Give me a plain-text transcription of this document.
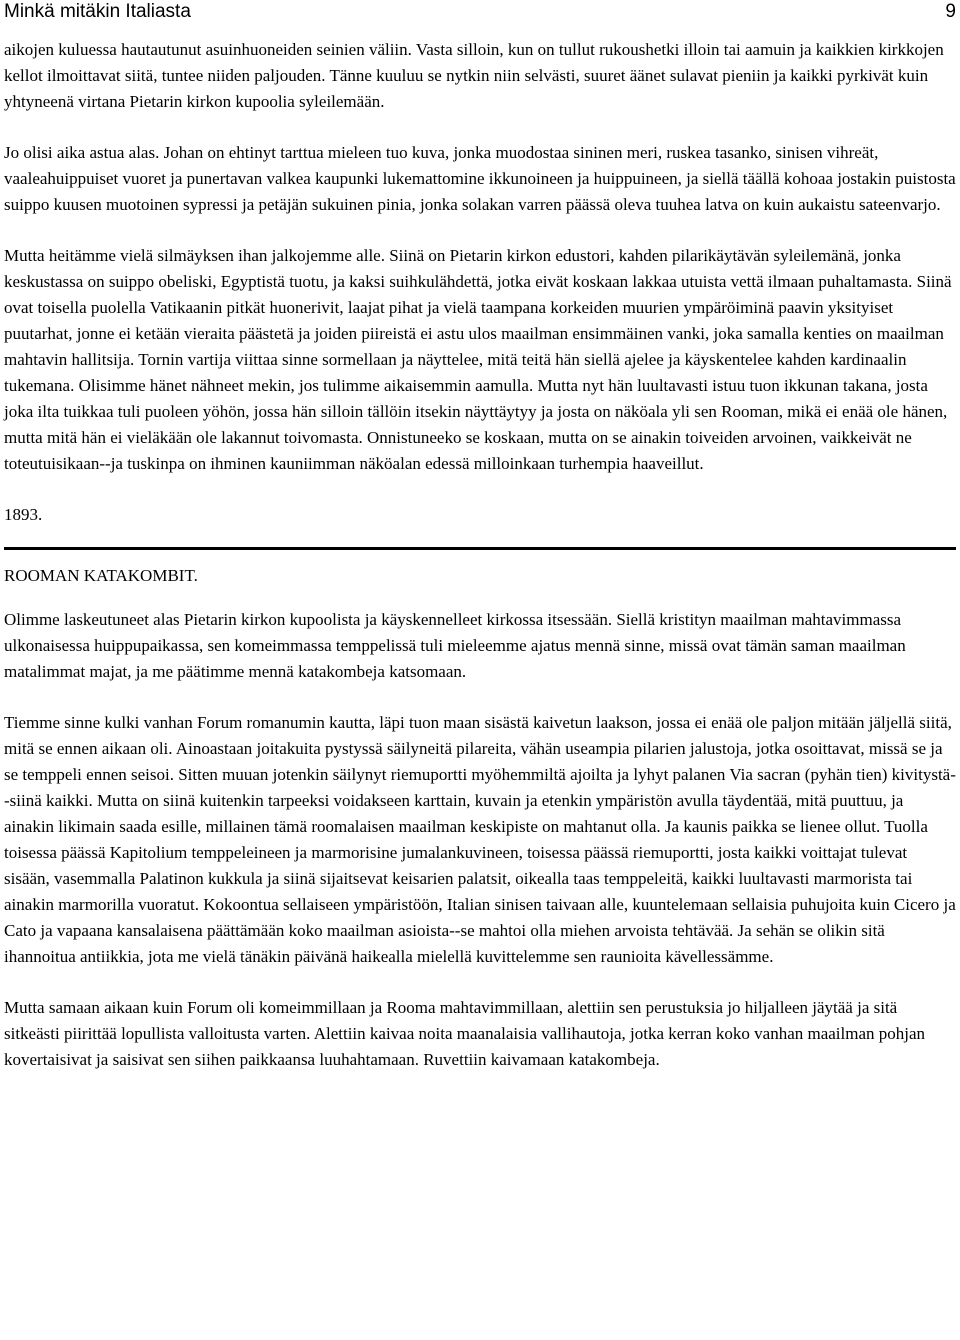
Minkä mitäkin Italiasta	9

aikojen kuluessa hautautunut asuinhuoneiden seinien väliin. Vasta silloin, kun on tullut rukoushetki illoin tai aamuin ja kaikkien kirkkojen kellot ilmoittavat siitä, tuntee niiden paljouden. Tänne kuuluu se nytkin niin selvästi, suuret äänet sulavat pieniin ja kaikki pyrkivät kuin yhtyneenä virtana Pietarin kirkon kupoolia syleilemään.

Jo olisi aika astua alas. Johan on ehtinyt tarttua mieleen tuo kuva, jonka muodostaa sininen meri, ruskea tasanko, sinisen vihreät, vaaleahuippuiset vuoret ja punertavan valkea kaupunki lukemattomine ikkunoineen ja huippuineen, ja siellä täällä kohoaa jostakin puistosta suippo kuusen muotoinen sypressi ja petäjän sukuinen pinia, jonka solakan varren päässä oleva tuuhea latva on kuin aukaistu sateenvarjo.

Mutta heitämme vielä silmäyksen ihan jalkojemme alle. Siinä on Pietarin kirkon edustori, kahden pilarikäytävän syleilemänä, jonka keskustassa on suippo obeliski, Egyptistä tuotu, ja kaksi suihkulähdettä, jotka eivät koskaan lakkaa utuista vettä ilmaan puhaltamasta. Siinä ovat toisella puolella Vatikaanin pitkät huonerivit, laajat pihat ja vielä taampana korkeiden muurien ympäröiminä paavin yksityiset puutarhat, jonne ei ketään vieraita päästetä ja joiden piireistä ei astu ulos maailman ensimmäinen vanki, joka samalla kenties on maailman mahtavin hallitsija. Tornin vartija viittaa sinne sormellaan ja näyttelee, mitä teitä hän siellä ajelee ja käyskentelee kahden kardinaalin tukemana. Olisimme hänet nähneet mekin, jos tulimme aikaisemmin aamulla. Mutta nyt hän luultavasti istuu tuon ikkunan takana, josta joka ilta tuikkaa tuli puoleen yöhön, jossa hän silloin tällöin itsekin näyttäytyy ja josta on näköala yli sen Rooman, mikä ei enää ole hänen, mutta mitä hän ei vieläkään ole lakannut toivomasta. Onnistuneeko se koskaan, mutta on se ainakin toiveiden arvoinen, vaikkeivät ne toteutuisikaan--ja tuskinpa on ihminen kauniimman näköalan edessä milloinkaan turhempia haaveillut.

1893.

ROOMAN KATAKOMBIT.

Olimme laskeutuneet alas Pietarin kirkon kupoolista ja käyskennelleet kirkossa itsessään. Siellä kristityn maailman mahtavimmassa ulkonaisessa huippupaikassa, sen komeimmassa temppelissä tuli mieleemme ajatus mennä sinne, missä ovat tämän saman maailman matalimmat majat, ja me päätimme mennä katakombeja katsomaan.

Tiemme sinne kulki vanhan Forum romanumin kautta, läpi tuon maan sisästä kaivetun laakson, jossa ei enää ole paljon mitään jäljellä siitä, mitä se ennen aikaan oli. Ainoastaan joitakuita pystyssä säilyneitä pilareita, vähän useampia pilarien jalustoja, jotka osoittavat, missä se ja se temppeli ennen seisoi. Sitten muuan jotenkin säilynyt riemuportti myöhemmiltä ajoilta ja lyhyt palanen Via sacran (pyhän tien) kivitystä--siinä kaikki. Mutta on siinä kuitenkin tarpeeksi voidakseen karttain, kuvain ja etenkin ympäristön avulla täydentää, mitä puuttuu, ja ainakin likimain saada esille, millainen tämä roomalaisen maailman keskipiste on mahtanut olla. Ja kaunis paikka se lienee ollut. Tuolla toisessa päässä Kapitolium temppeleineen ja marmorisine jumalankuvineen, toisessa päässä riemuportti, josta kaikki voittajat tulevat sisään, vasemmalla Palatinon kukkula ja siinä sijaitsevat keisarien palatsit, oikealla taas temppeleitä, kaikki luultavasti marmorista tai ainakin marmorilla vuoratut. Kokoontua sellaiseen ympäristöön, Italian sinisen taivaan alle, kuuntelemaan sellaisia puhujoita kuin Cicero ja Cato ja vapaana kansalaisena päättämään koko maailman asioista--se mahtoi olla miehen arvoista tehtävää. Ja sehän se olikin sitä ihannoitua antiikkia, jota me vielä tänäkin päivänä haikealla mielellä kuvittelemme sen raunioita kävellessämme.

Mutta samaan aikaan kuin Forum oli komeimmillaan ja Rooma mahtavimmillaan, alettiin sen perustuksia jo hiljalleen jäytää ja sitä sitkeästi piirittää lopullista valloitusta varten. Alettiin kaivaa noita maanalaisia vallihautoja, jotka kerran koko vanhan maailman pohjan kovertaisivat ja saisivat sen siihen paikkaansa luuhahtamaan. Ruvettiin kaivamaan katakombeja.
